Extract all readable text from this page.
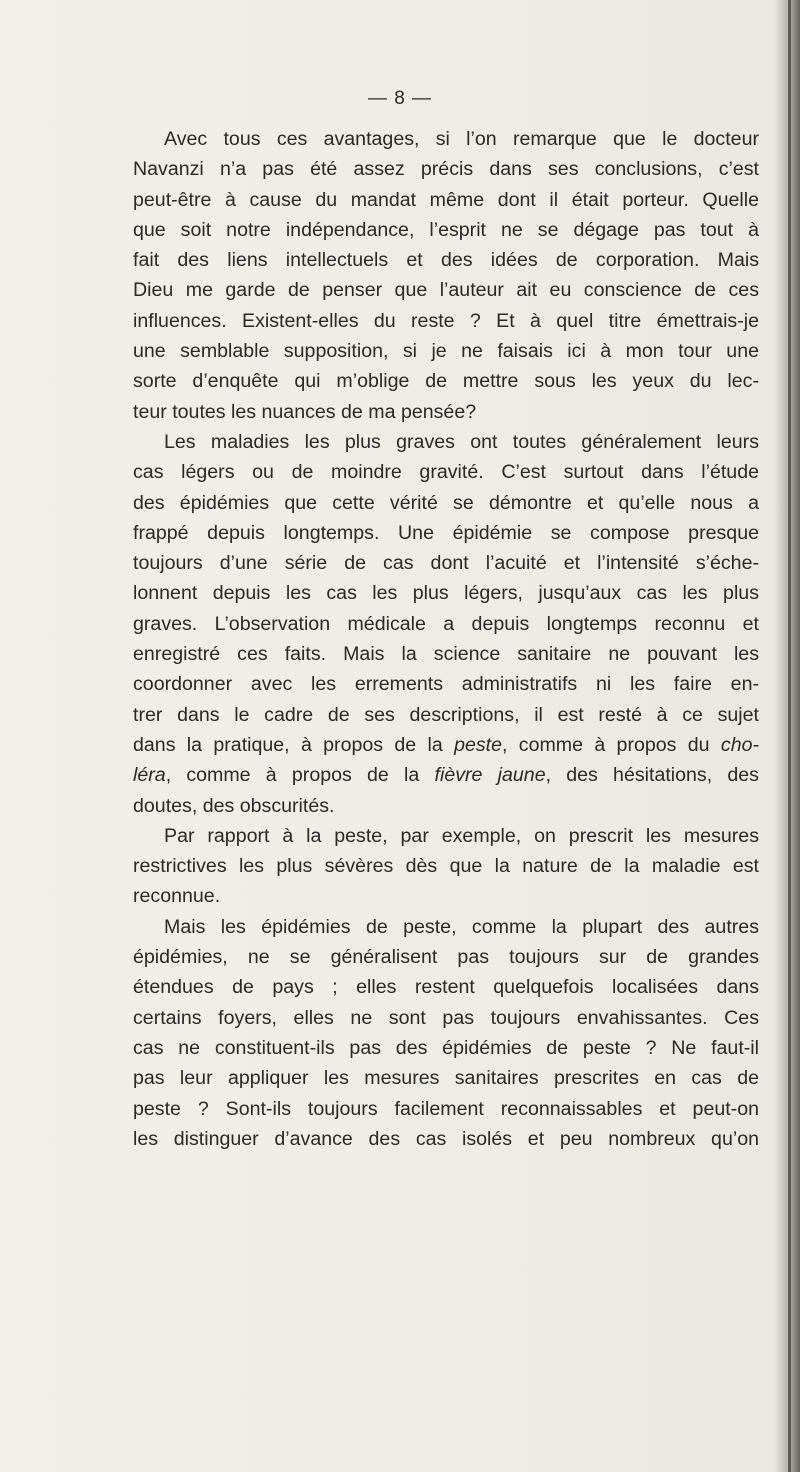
— 8 —
Avec tous ces avantages, si l’on remarque que le docteur
Navanzi n’a pas été assez précis dans ses conclusions, c’est
peut-être à cause du mandat même dont il était porteur. Quelle
que soit notre indépendance, l’esprit ne se dégage pas tout à
fait des liens intellectuels et des idées de corporation. Mais
Dieu me garde de penser que l’auteur ait eu conscience de ces
influences. Existent-elles du reste ? Et à quel titre émettrais-je
une semblable supposition, si je ne faisais ici à mon tour une
sorte d’enquête qui m’oblige de mettre sous les yeux du lec-
teur toutes les nuances de ma pensée?
Les maladies les plus graves ont toutes généralement leurs
cas légers ou de moindre gravité. C’est surtout dans l’étude
des épidémies que cette vérité se démontre et qu’elle nous a
frappé depuis longtemps. Une épidémie se compose presque
toujours d’une série de cas dont l’acuité et l’intensité s’éche-
lonnent depuis les cas les plus légers, jusqu’aux cas les plus
graves. L’observation médicale a depuis longtemps reconnu et
enregistré ces faits. Mais la science sanitaire ne pouvant les
coordonner avec les errements administratifs ni les faire en-
trer dans le cadre de ses descriptions, il est resté à ce sujet
dans la pratique, à propos de la peste, comme à propos du cho-
léra, comme à propos de la fièvre jaune, des hésitations, des
doutes, des obscurités.
Par rapport à la peste, par exemple, on prescrit les mesures
restrictives les plus sévères dès que la nature de la maladie est
reconnue.
Mais les épidémies de peste, comme la plupart des autres
épidémies, ne se généralisent pas toujours sur de grandes
étendues de pays ; elles restent quelquefois localisées dans
certains foyers, elles ne sont pas toujours envahissantes. Ces
cas ne constituent-ils pas des épidémies de peste ? Ne faut-il
pas leur appliquer les mesures sanitaires prescrites en cas de
peste ? Sont-ils toujours facilement reconnaissables et peut-on
les distinguer d’avance des cas isolés et peu nombreux qu’on
